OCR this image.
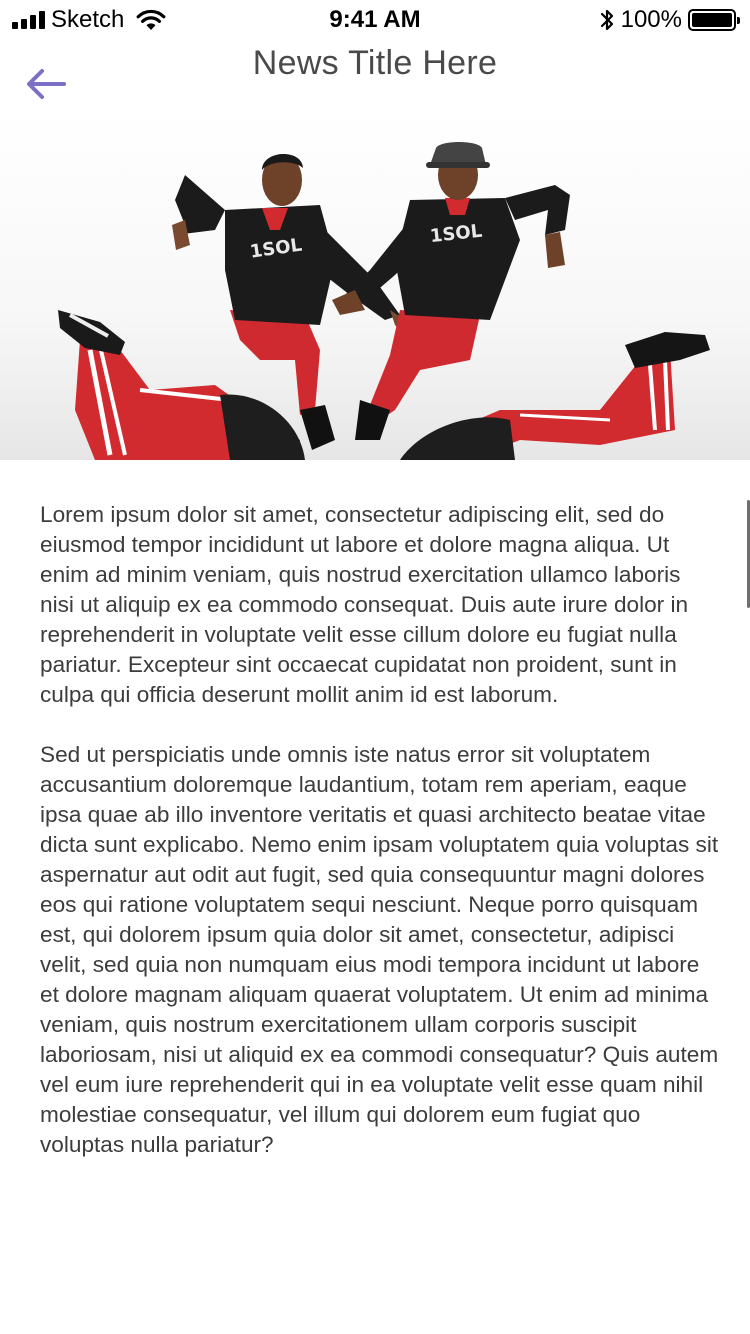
Sketch	9:41 AM	100%
News Title Here
1SOL
1SOL

Lorem ipsum dolor sit amet, consectetur adipiscing elit, sed do eiusmod tempor incididunt ut labore et dolore magna aliqua. Ut enim ad minim veniam, quis nostrud exercitation ullamco laboris nisi ut aliquip ex ea commodo consequat. Duis aute irure dolor in reprehenderit in voluptate velit esse cillum dolore eu fugiat nulla pariatur. Excepteur sint occaecat cupidatat non proident, sunt in culpa qui officia deserunt mollit anim id est laborum.

Sed ut perspiciatis unde omnis iste natus error sit voluptatem accusantium doloremque laudantium, totam rem aperiam, eaque ipsa quae ab illo inventore veritatis et quasi architecto beatae vitae dicta sunt explicabo. Nemo enim ipsam voluptatem quia voluptas sit aspernatur aut odit aut fugit, sed quia consequuntur magni dolores eos qui ratione voluptatem sequi nesciunt. Neque porro quisquam est, qui dolorem ipsum quia dolor sit amet, consectetur, adipisci velit, sed quia non numquam eius modi tempora incidunt ut labore et dolore magnam aliquam quaerat voluptatem. Ut enim ad minima veniam, quis nostrum exercitationem ullam corporis suscipit laboriosam, nisi ut aliquid ex ea commodi consequatur? Quis autem vel eum iure reprehenderit qui in ea voluptate velit esse quam nihil molestiae consequatur, vel illum qui dolorem eum fugiat quo voluptas nulla pariatur?
